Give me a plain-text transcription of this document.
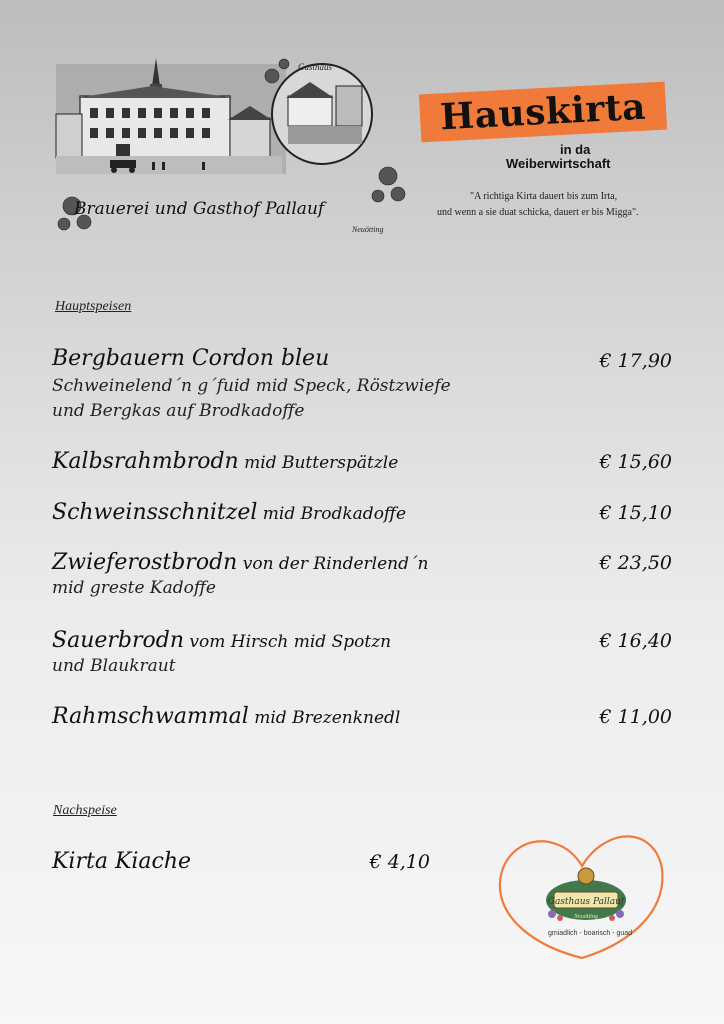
Gasthaus
Brauerei und Gasthof Pallauf
Neuötting
Hauskirta
in da
Weiberwirtschaft
"A richtiga Kirta dauert bis zum Irta,
und wenn a sie duat schicka, dauert er bis Migga".
Hauptspeisen
Bergbauern Cordon bleu	€ 17,90
Schweinelend´n g´fuid mid Speck, Röstzwiefe
und Bergkas auf Brodkadoffe
Kalbsrahmbrodn mid Butterspätzle	€ 15,60
Schweinsschnitzel mid Brodkadoffe	€ 15,10
Zwieferostbrodn von der Rinderlend´n	€ 23,50
mid greste Kadoffe
Sauerbrodn vom Hirsch mid Spotzn	€ 16,40
und Blaukraut
Rahmschwammal mid Brezenknedl	€ 11,00
Nachspeise
Kirta Kiache	€ 4,10
Gasthaus Pallauf
Neuötting
gmiadlich - boarisch - guad
